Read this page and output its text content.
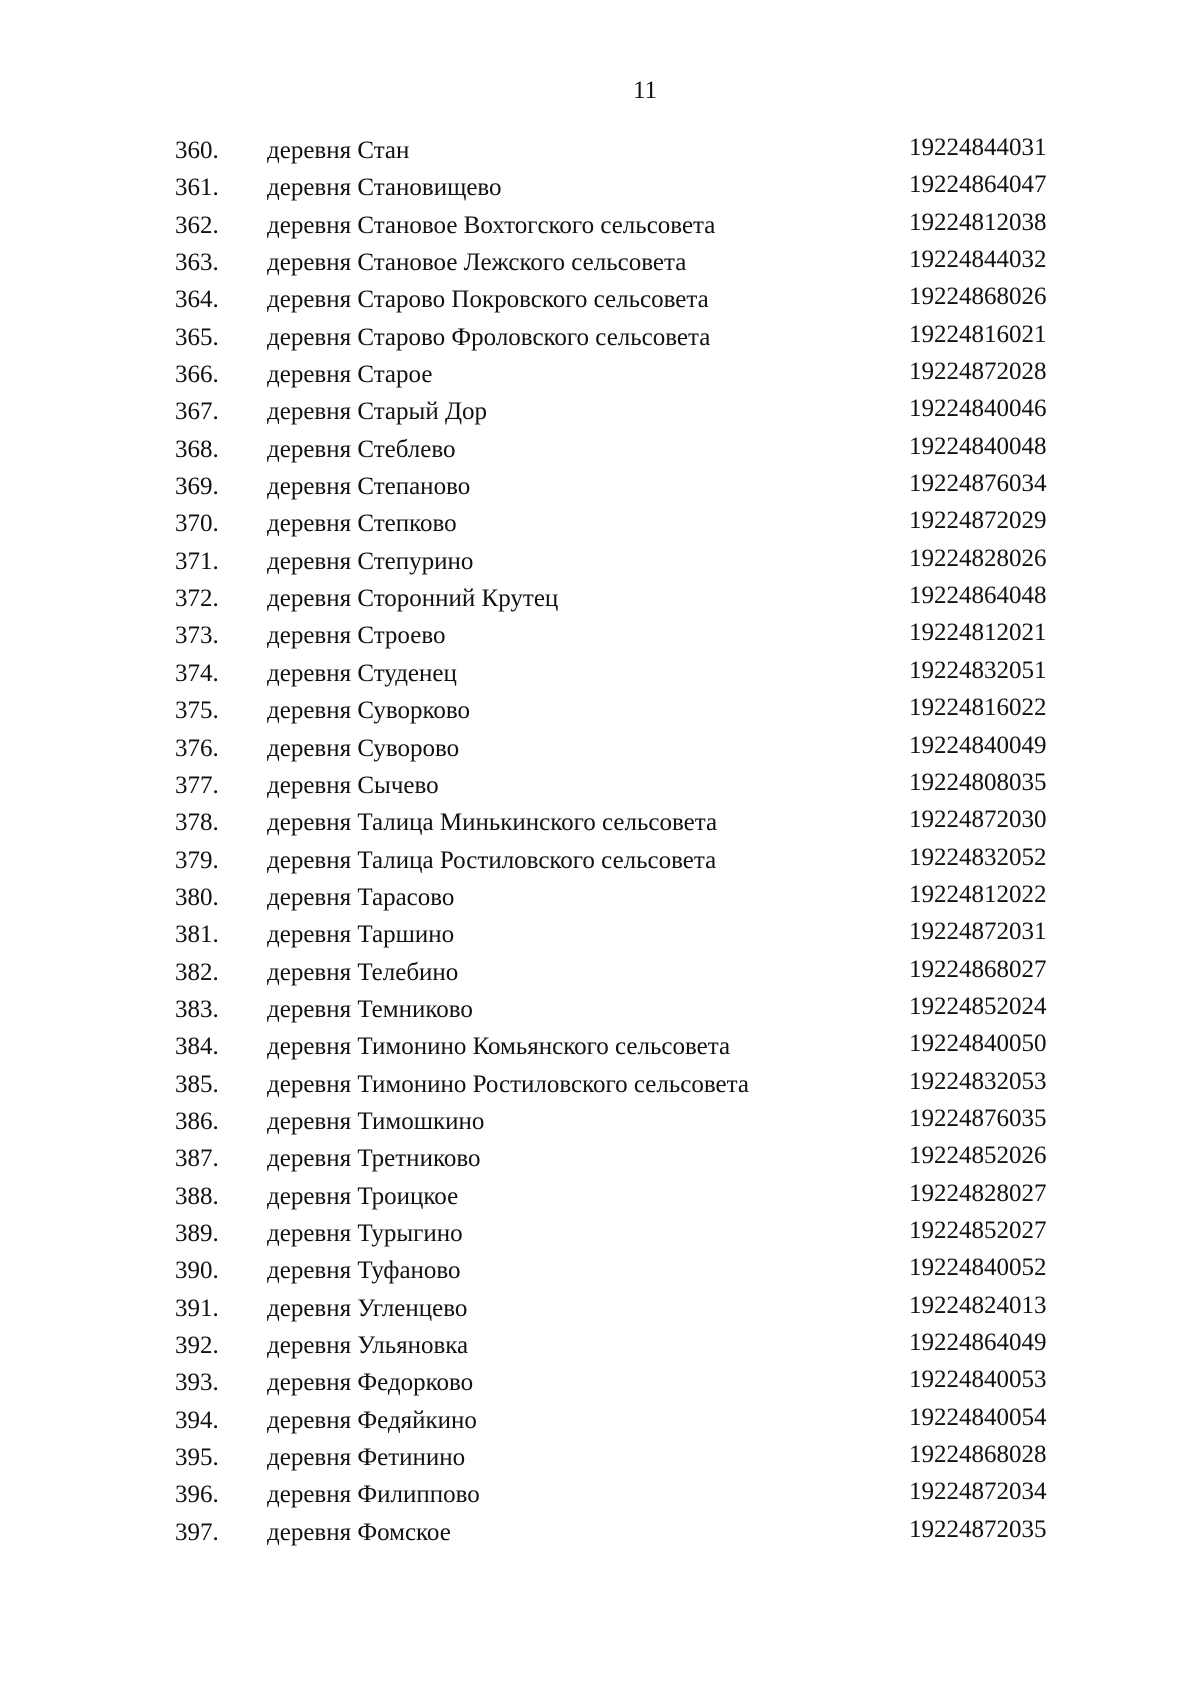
11
360. деревня Стан	19224844031
361. деревня Становищево	19224864047
362. деревня Становое Вохтогского сельсовета	19224812038
363. деревня Становое Лежского сельсовета	19224844032
364. деревня Старово Покровского сельсовета	19224868026
365. деревня Старово Фроловского сельсовета	19224816021
366. деревня Старое	19224872028
367. деревня Старый Дор	19224840046
368. деревня Стеблево	19224840048
369. деревня Степаново	19224876034
370. деревня Степково	19224872029
371. деревня Степурино	19224828026
372. деревня Сторонний Крутец	19224864048
373. деревня Строево	19224812021
374. деревня Студенец	19224832051
375. деревня Суворково	19224816022
376. деревня Суворово	19224840049
377. деревня Сычево	19224808035
378. деревня Талица Минькинского сельсовета	19224872030
379. деревня Талица Ростиловского сельсовета	19224832052
380. деревня Тарасово	19224812022
381. деревня Таршино	19224872031
382. деревня Телебино	19224868027
383. деревня Темниково	19224852024
384. деревня Тимонино Комьянского сельсовета	19224840050
385. деревня Тимонино Ростиловского сельсовета	19224832053
386. деревня Тимошкино	19224876035
387. деревня Третниково	19224852026
388. деревня Троицкое	19224828027
389. деревня Турыгино	19224852027
390. деревня Туфаново	19224840052
391. деревня Угленцево	19224824013
392. деревня Ульяновка	19224864049
393. деревня Федорково	19224840053
394. деревня Федяйкино	19224840054
395. деревня Фетинино	19224868028
396. деревня Филиппово	19224872034
397. деревня Фомское	19224872035
